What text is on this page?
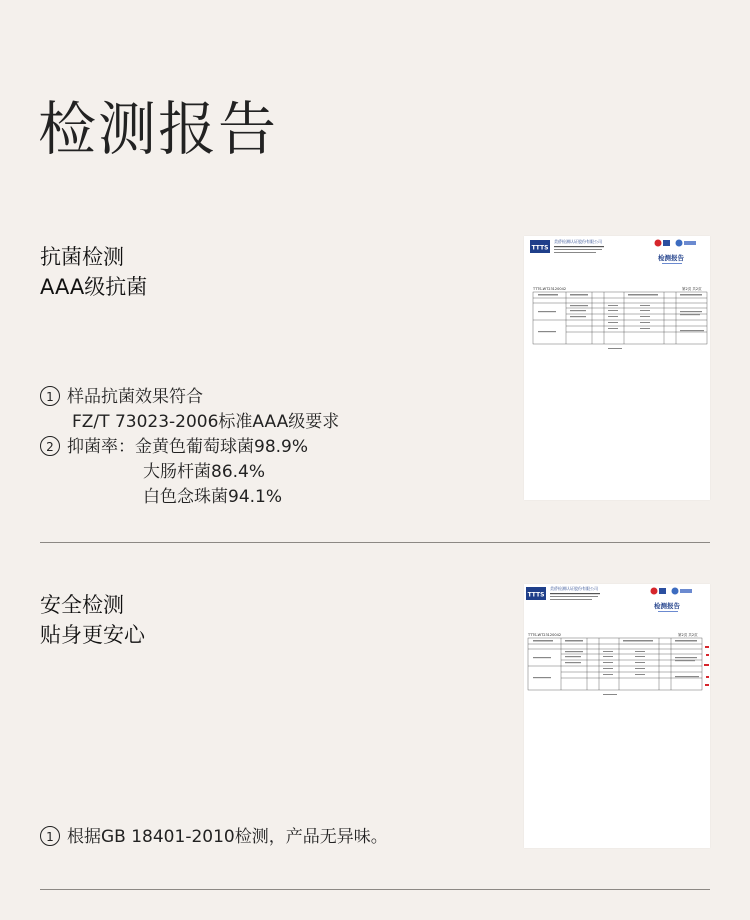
检测报告
抗菌检测
AAA级抗菌
1 样品抗菌效果符合
FZ/T 73023-2006标准AAA级要求
2 抑菌率：金黄色葡萄球菌98.9%
大肠杆菌86.4%
白色念珠菌94.1%
TTTS
美侨检测认证股份有限公司
检测报告
TTTS-WT23120042	第2页 共2页
安全检测
贴身更安心
1 根据GB 18401-2010检测，产品无异味。
TTTS
美侨检测认证股份有限公司
检测报告
TTTS-WT23120042	第2页 共2页
